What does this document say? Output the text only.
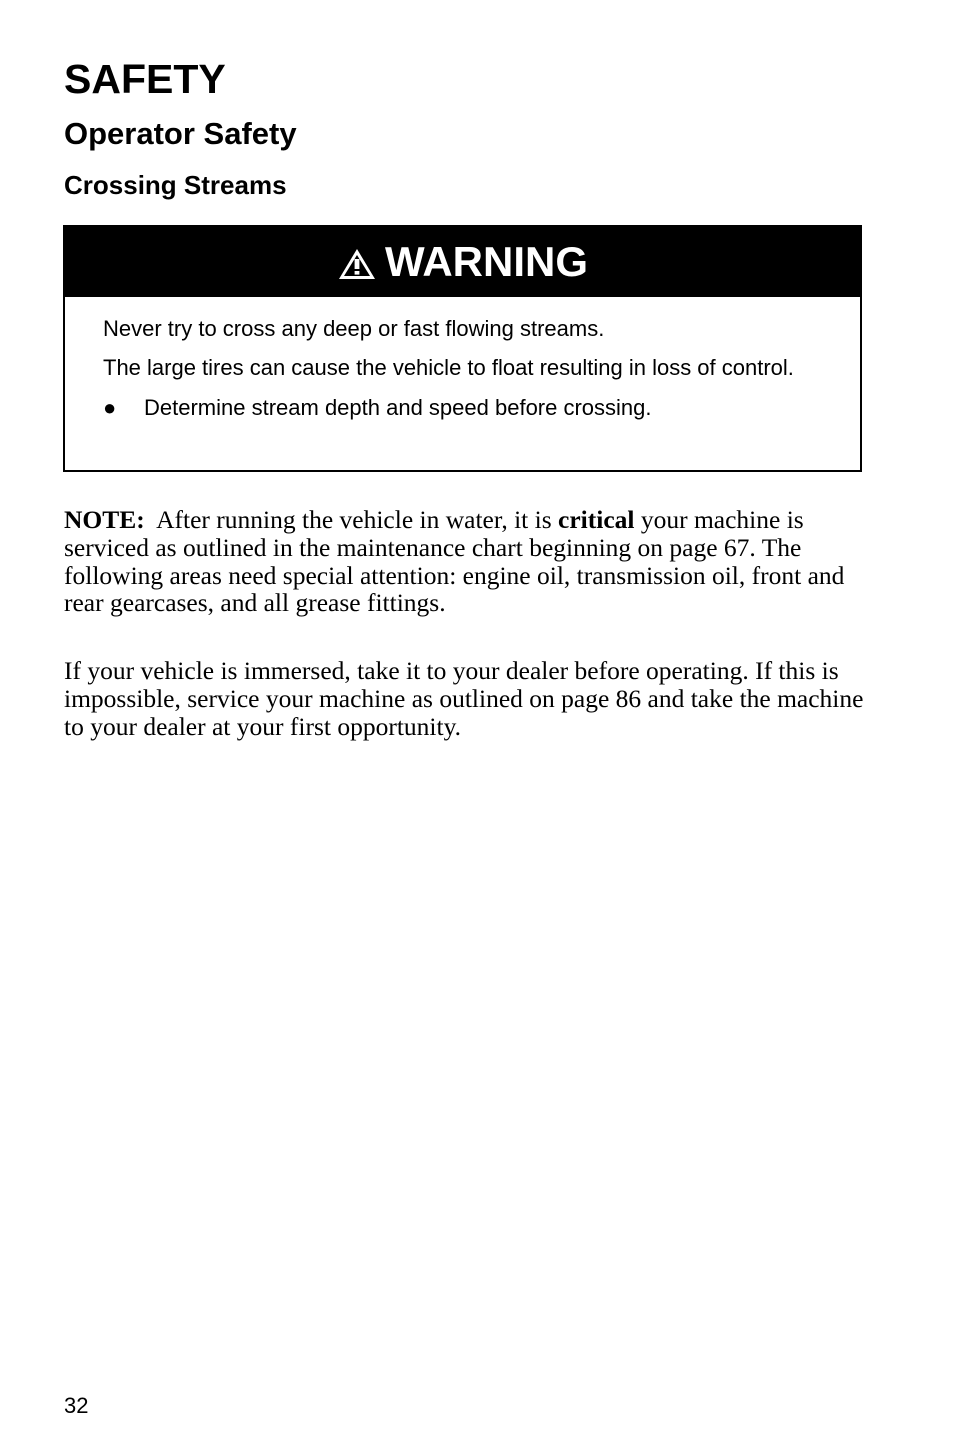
SAFETY
Operator Safety
Crossing Streams
WARNING

Never try to cross any deep or fast flowing streams.

The large tires can cause the vehicle to float resulting in loss of control.

●	Determine stream depth and speed before crossing.

NOTE: After running the vehicle in water, it is critical your machine is serviced as outlined in the maintenance chart beginning on page 67. The following areas need special attention: engine oil, transmission oil, front and rear gearcases, and all grease fittings.

If your vehicle is immersed, take it to your dealer before operating. If this is impossible, service your machine as outlined on page 86 and take the machine to your dealer at your first opportunity.

32
